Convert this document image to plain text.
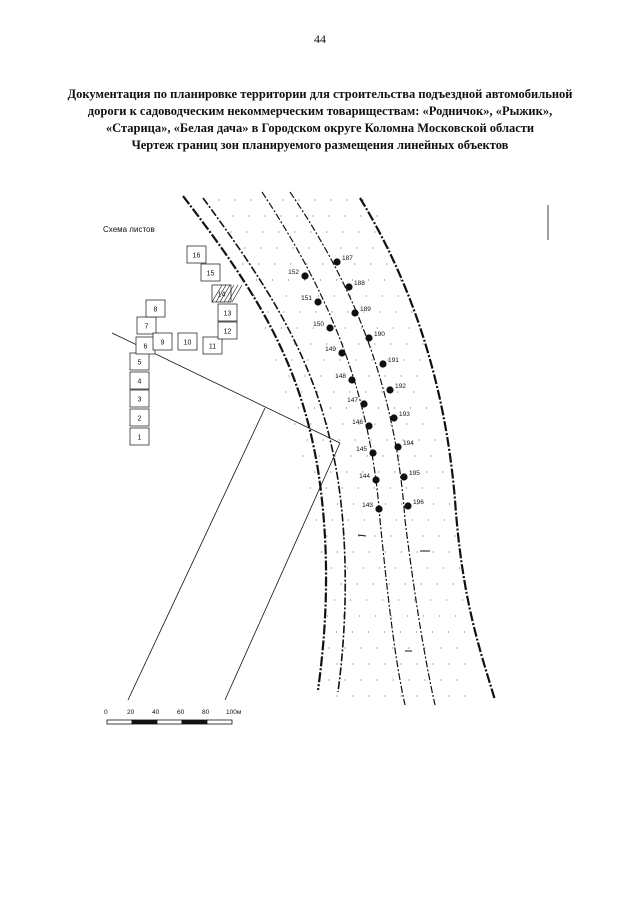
44
Документация по планировке территории для строительства подъездной автомобильной
дороги к садоводческим некоммерческим товариществам: «Родничок», «Рыжик»,
«Старица», «Белая дача» в Городском округе Коломна Московской области
Чертеж границ зон планируемого размещения линейных объектов
Схема листов
1
2
3
4
5
6
7
8
9	10
11
12
13
14
15
16
152
151
150
149
148
147
146
145
144
143
187
188
189
190
191
192
193
194
195
196
0	20	40	60	80	100м
